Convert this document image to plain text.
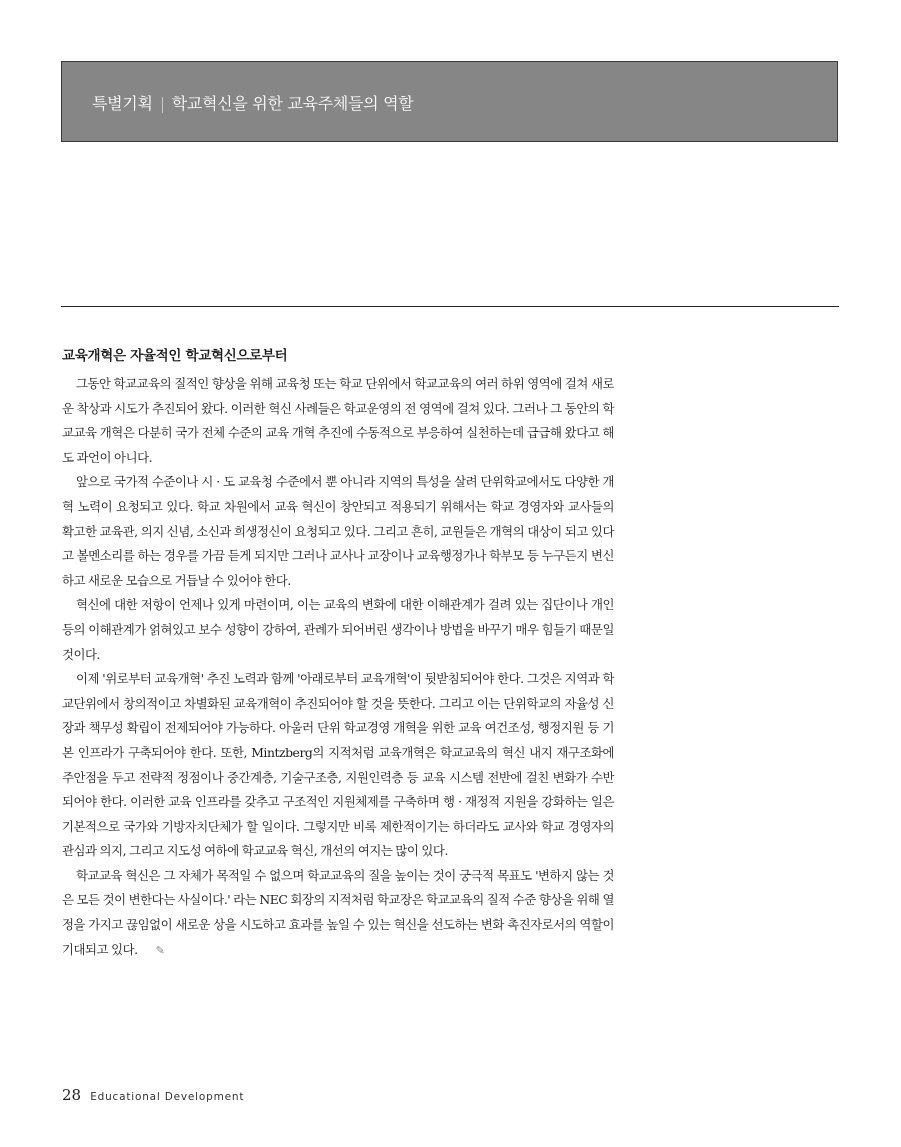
특별기획 | 학교혁신을 위한 교육주체들의 역할
교육개혁은 자율적인 학교혁신으로부터

그동안 학교교육의 질적인 향상을 위해 교육청 또는 학교 단위에서 학교교육의 여러 하위 영역에 걸쳐 새로운 착상과 시도가 추진되어 왔다. 이러한 혁신 사례들은 학교운영의 전 영역에 걸쳐 있다. 그러나 그 동안의 학교교육 개혁은 다분히 국가 전체 수준의 교육 개혁 추진에 수동적으로 부응하여 실천하는데 급급해 왔다고 해도 과언이 아니다.

앞으로 국가적 수준이나 시 · 도 교육청 수준에서 뿐 아니라 지역의 특성을 살려 단위학교에서도 다양한 개혁 노력이 요청되고 있다. 학교 차원에서 교육 혁신이 창안되고 적용되기 위해서는 학교 경영자와 교사들의 확고한 교육관, 의지 신념, 소신과 희생정신이 요청되고 있다. 그리고 흔히, 교원들은 개혁의 대상이 되고 있다고 볼멘소리를 하는 경우를 가끔 듣게 되지만 그러나 교사나 교장이나 교육행정가나 학부모 등 누구든지 변신하고 새로운 모습으로 거듭날 수 있어야 한다.

혁신에 대한 저항이 언제나 있게 마련이며, 이는 교육의 변화에 대한 이해관계가 걸려 있는 집단이나 개인 등의 이해관계가 얽혀있고 보수 성향이 강하여, 관례가 되어버린 생각이나 방법을 바꾸기 매우 힘들기 때문일 것이다.

이제 '위로부터 교육개혁' 추진 노력과 함께 '아래로부터 교육개혁'이 뒷받침되어야 한다. 그것은 지역과 학교단위에서 창의적이고 차별화된 교육개혁이 추진되어야 할 것을 뜻한다. 그리고 이는 단위학교의 자율성 신장과 책무성 확립이 전제되어야 가능하다. 아울러 단위 학교경영 개혁을 위한 교육 여건조성, 행정지원 등 기본 인프라가 구축되어야 한다. 또한, Mintzberg의 지적처럼 교육개혁은 학교교육의 혁신 내지 재구조화에 주안점을 두고 전략적 정점이나 중간계층, 기술구조층, 지원인력층 등 교육 시스템 전반에 걸친 변화가 수반되어야 한다. 이러한 교육 인프라를 갖추고 구조적인 지원체제를 구축하며 행 · 재정적 지원을 강화하는 일은 기본적으로 국가와 기방자치단체가 할 일이다. 그렇지만 비록 제한적이기는 하더라도 교사와 학교 경영자의 관심과 의지, 그리고 지도성 여하에 학교교육 혁신, 개선의 여지는 많이 있다.

학교교육 혁신은 그 자체가 목적일 수 없으며 학교교육의 질을 높이는 것이 궁극적 목표도 '변하지 않는 것은 모든 것이 변한다는 사실이다.' 라는 NEC 회장의 지적처럼 학교장은 학교교육의 질적 수준 향상을 위해 열정을 가지고 끊임없이 새로운 상을 시도하고 효과를 높일 수 있는 혁신을 선도하는 변화 촉진자로서의 역할이 기대되고 있다. ✎

28 Educational Development
